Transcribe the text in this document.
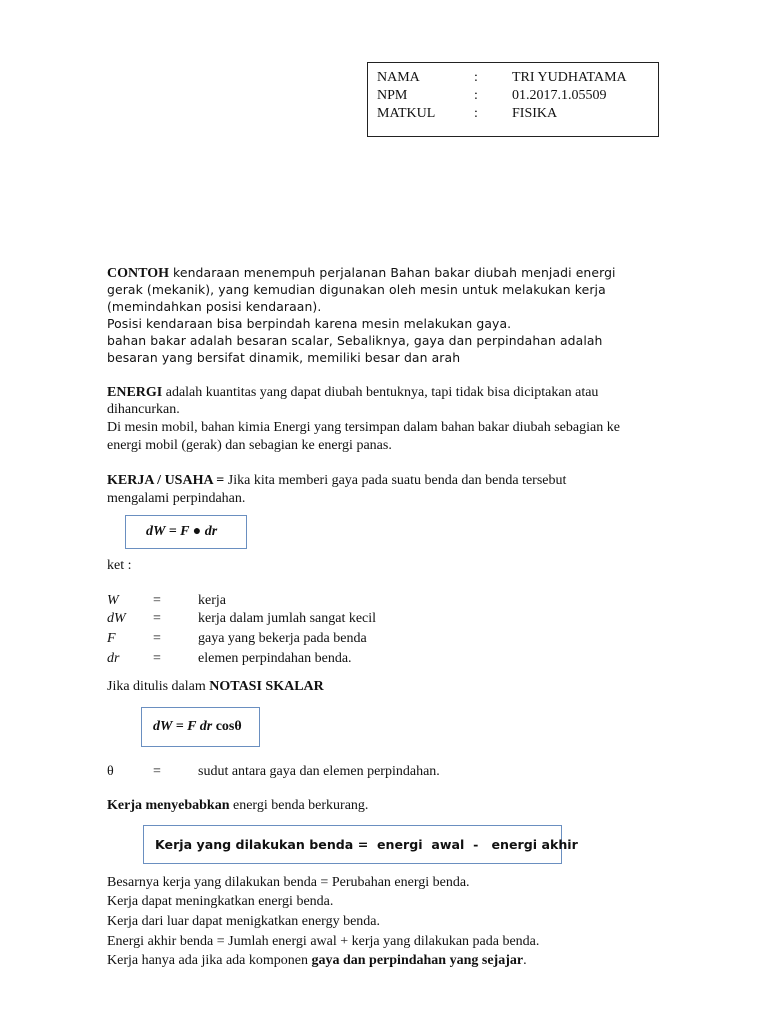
NAMA	: TRI YUDHATAMA
NPM	: 01.2017.1.05509
MATKUL	: FISIKA
CONTOH kendaraan menempuh perjalanan Bahan bakar diubah menjadi energi
gerak (mekanik), yang kemudian digunakan oleh mesin untuk melakukan kerja
(memindahkan posisi kendaraan).
Posisi kendaraan bisa berpindah karena mesin melakukan gaya.
bahan bakar adalah besaran scalar, Sebaliknya, gaya dan perpindahan adalah
besaran yang bersifat dinamik, memiliki besar dan arah
ENERGI adalah kuantitas yang dapat diubah bentuknya, tapi tidak bisa diciptakan atau
dihancurkan.
Di mesin mobil, bahan kimia Energi yang tersimpan dalam bahan bakar diubah sebagian ke
energi mobil (gerak) dan sebagian ke energi panas.
KERJA / USAHA = Jika kita memberi gaya pada suatu benda dan benda tersebut
mengalami perpindahan.
dW = F ● dr
ket :
W =	kerja
dW =	kerja dalam jumlah sangat kecil
F	=	gaya yang bekerja pada benda
dr =	elemen perpindahan benda.
Jika ditulis dalam NOTASI SKALAR
dW = F dr cosθ
θ	=	sudut antara gaya dan elemen perpindahan.
Kerja menyebabkan energi benda berkurang.
Kerja yang dilakukan benda =  energi  awal  -   energi akhir
Besarnya kerja yang dilakukan benda = Perubahan energi benda.
Kerja dapat meningkatkan energi benda.
Kerja dari luar dapat menigkatkan energy benda.
Energi akhir benda = Jumlah energi awal + kerja yang dilakukan pada benda.
Kerja hanya ada jika ada komponen gaya dan perpindahan yang sejajar.
